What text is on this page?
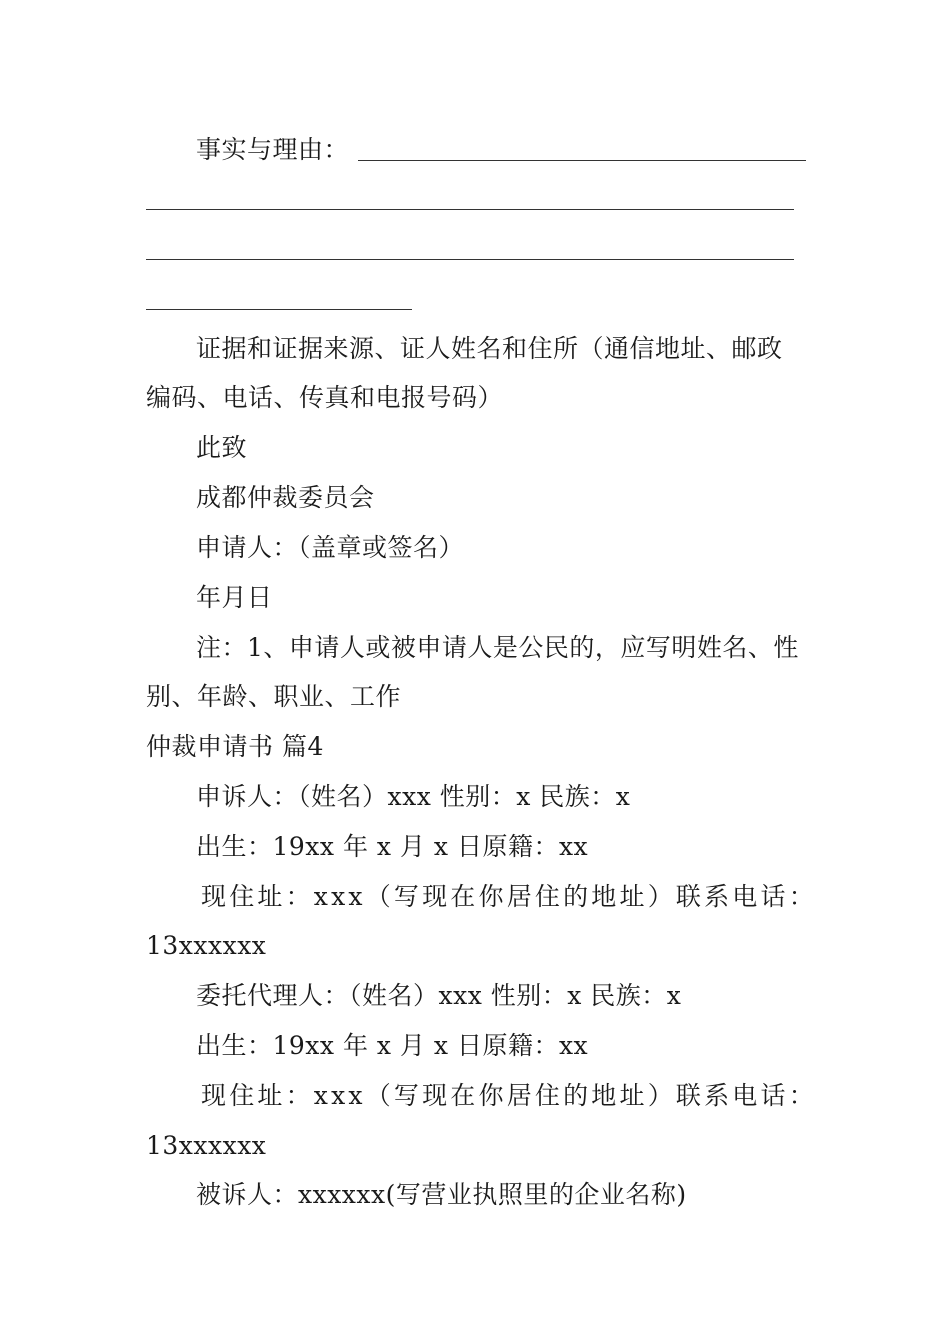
事实与理由：
证据和证据来源、证人姓名和住所（通信地址、邮政
编码、电话、传真和电报号码）
此致
成都仲裁委员会
申请人：（盖章或签名）
年月日
注：1、申请人或被申请人是公民的，应写明姓名、性
别、年龄、职业、工作
仲裁申请书 篇4
申诉人：（姓名）xxx 性别：x 民族：x
出生：19xx 年 x 月 x 日原籍：xx
现住址：xxx（写现在你居住的地址）联系电话：
13xxxxxx
委托代理人：（姓名）xxx 性别：x 民族：x
出生：19xx 年 x 月 x 日原籍：xx
现住址：xxx（写现在你居住的地址）联系电话：
13xxxxxx
被诉人：xxxxxx(写营业执照里的企业名称)
